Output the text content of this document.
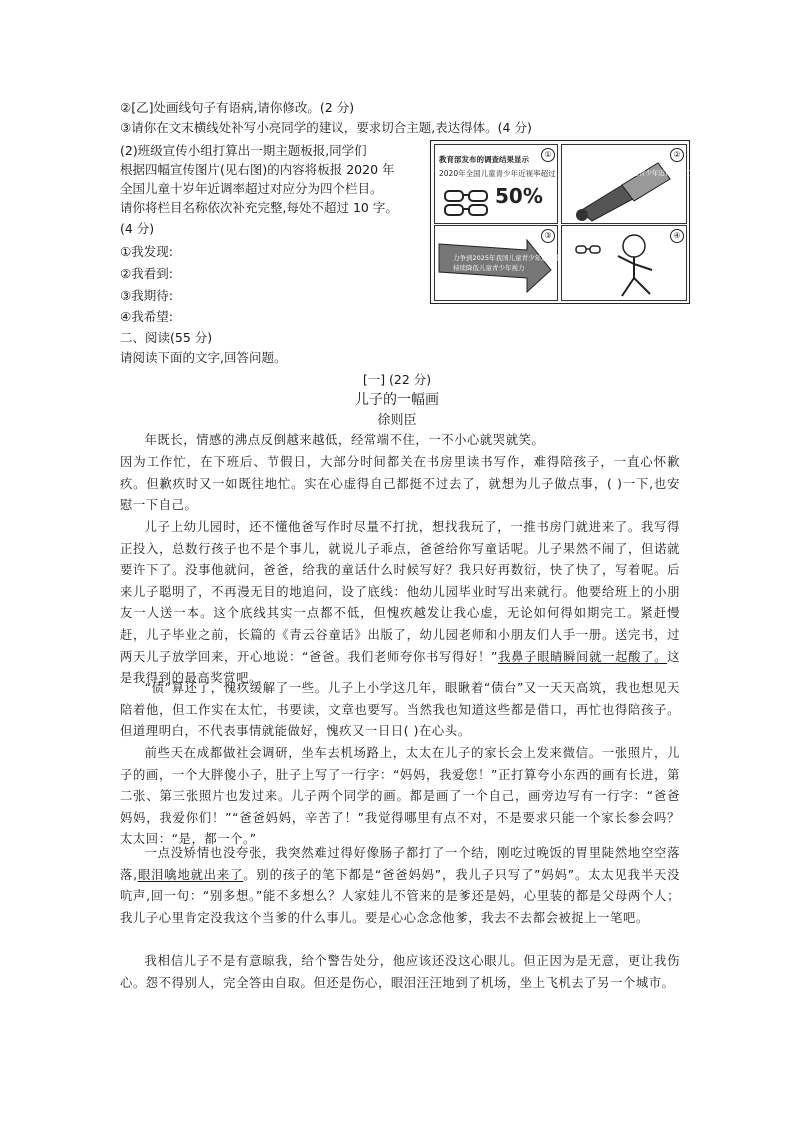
②[乙]处画线句子有语病,请你修改。(2 分)
③请你在文末横线处补写小亮同学的建议，要求切合主题,表达得体。(4 分)
(2)班级宣传小组打算出一期主题板报,同学们
根据四幅宣传图片(见右图)的内容将板报 2020 年
全国儿童十岁年近调率超过对应分为四个栏目。
请你将栏目名称依次补充完整,每处不超过 10 字。
(4 分)
①我发现:
②我看到:
③我期待:
④我希望:
①
教育部发布的调查结果显示
2020年全国儿童青少年近视率超过
50%
②
儿童青少年近视防控工作方案
③
力争到2025年我国儿童青少年近视率
持续降低儿童青少年视力
④
二、阅读(55 分)
请阅读下面的文字,回答问题。
[一] (22 分)
儿子的一幅画
徐则臣
年既长，情感的沸点反倒越来越低，经常端不住，一不小心就哭就笑。
因为工作忙，在下班后、节假日，大部分时间都关在书房里读书写作，难得陪孩子，一直心怀歉疚。但歉疚时又一如既往地忙。实在心虚得自己都挺不过去了，就想为儿子做点事，( )一下,也安慰一下自己。
儿子上幼儿园时，还不懂他爸写作时尽量不打扰，想找我玩了，一推书房门就进来了。我写得正投入，总数行孩子也不是个事儿，就说儿子乖点，爸爸给你写童话呢。儿子果然不闹了，但诺就要许下了。没事他就问，爸爸，给我的童话什么时候写好？我只好再数衍，快了快了，写着呢。后来儿子聪明了，不再漫无目的地追问，设了底线：他幼儿园毕业时写出来就行。他要给班上的小朋友一人送一本。这个底线其实一点都不低，但愧疚越发让我心虚，无论如何得如期完工。紧赶慢赶，儿子毕业之前，长篇的《青云谷童话》出版了，幼儿园老师和小朋友们人手一册。送完书，过两天儿子放学回来，开心地说：“爸爸。我们老师夸你书写得好！”我鼻子眼睛瞬间就一起酸了。这是我得到的最高奖赏吧。
“债”算还了，愧疚缓解了一些。儿子上小学这几年，眼瞅着“债台”又一天天高筑，我也想见天陪着他，但工作实在太忙，书要读，文章也要写。当然我也知道这些都是借口，再忙也得陪孩子。但道理明白，不代表事情就能做好，愧疚又一日日( )在心头。
前些天在成都做社会调研，坐车去机场路上，太太在儿子的家长会上发来微信。一张照片，儿子的画，一个大胖傻小子，肚子上写了一行字：“妈妈，我爱您！”正打算夸小东西的画有长进，第二张、第三张照片也发过来。儿子两个同学的画。都是画了一个自己，画旁边写有一行字：“爸爸妈妈，我爱你们！”“爸爸妈妈，辛苦了！”我觉得哪里有点不对，不是要求只能一个家长参会吗？太太回：“是，都一个。”
一点没矫情也没夸张，我突然难过得好像肠子都打了一个结，刚吃过晚饭的胃里陡然地空空落落,眼泪噙地就出来了。别的孩子的笔下都是“爸爸妈妈”，我儿子只写了”妈妈”。太太见我半天没吭声,回一句：“别多想。”能不多想么？人家娃儿不管来的是爹还是妈，心里装的都是父母两个人；我儿子心里肯定没我这个当爹的什么事儿。要是心心念念他爹，我去不去都会被捉上一笔吧。
我相信儿子不是有意晾我，给个警告处分，他应该还没这心眼儿。但正因为是无意，更让我伤心。怨不得别人，完全答由自取。但还是伤心，眼泪汪汪地到了机场，坐上飞机去了另一个城市。
